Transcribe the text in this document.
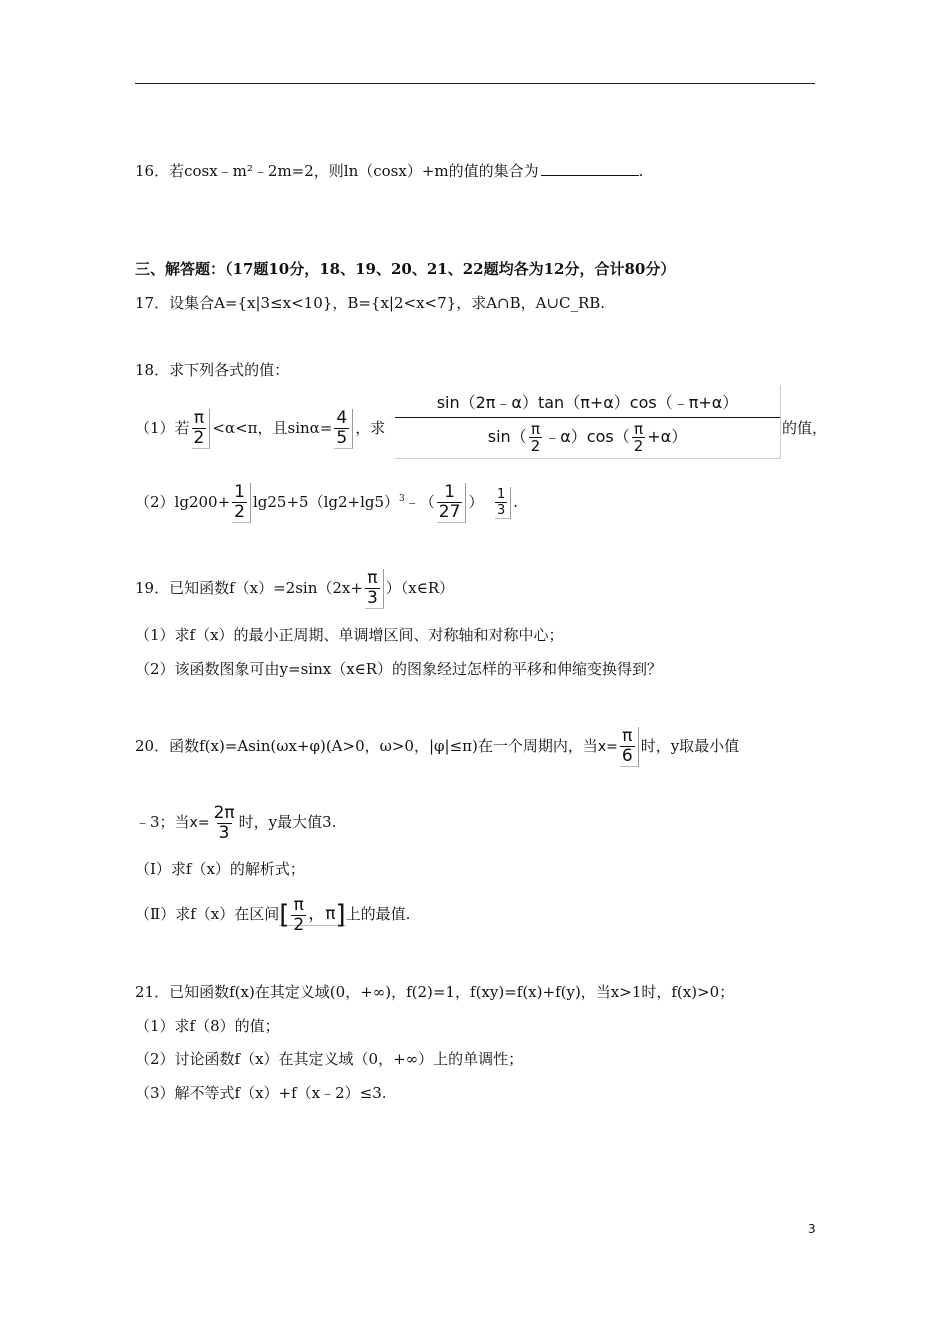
16．若cosx﹣m²﹣2m=2，则ln（cosx）+m的值的集合为	.
三、解答题：（17题10分，18、19、20、21、22题均各为12分，合计80分）
17．设集合A={x|3≤x<10}，B={x|2<x<7}，求A∩B，A∪C_RB.
18．求下列各式的值：
（1）若 $\frac{\pi}{2} <\alpha<\pi$，且$\sin\alpha= \frac{4}{5}$ ，求
sin（2π﹣α）tan（π+α）cos（﹣π+α）
$\sin( \frac{\pi}{2}$ ﹣α）cos（ $\frac{\pi}{2} +\alpha$）	的值，
$(2)\lg 200+ \frac{1}{2}$ $\lg 25+5(\lg 2+\lg 5)^3﹣( \frac{1}{27}$ ） $\frac{1}{3}$ .
19．已知函数$f(x)=2\sin(2x+ \frac{\pi}{3}$ ）（x∈R）
（1）求f（x）的最小正周期、单调增区间、对称轴和对称中心；
（2）该函数图象可由y=sinx（x∈R）的图象经过怎样的平移和伸缩变换得到？
20．函数f(x)=Asin(ωx+φ)(A>0，ω>0，|φ|≤π)在一个周期内，当$x= \frac{\pi}{6}$ 时，y取最小值
﹣3；当$x= \frac{2\pi}{3}$ 时，y最大值3.
（Ⅰ）求f（x）的解析式；
（Ⅱ）求f（x）在区间[ $\frac{\pi}{2}$ ，π]上的最值.
21．已知函数f(x)在其定义域(0，+∞)，f(2)=1，f(xy)=f(x)+f(y)，当x>1时，f(x)>0；
（1）求f（8）的值；
（2）讨论函数f（x）在其定义域（0，+∞）上的单调性；
（3）解不等式f（x）+f（x﹣2）≤3.
3
